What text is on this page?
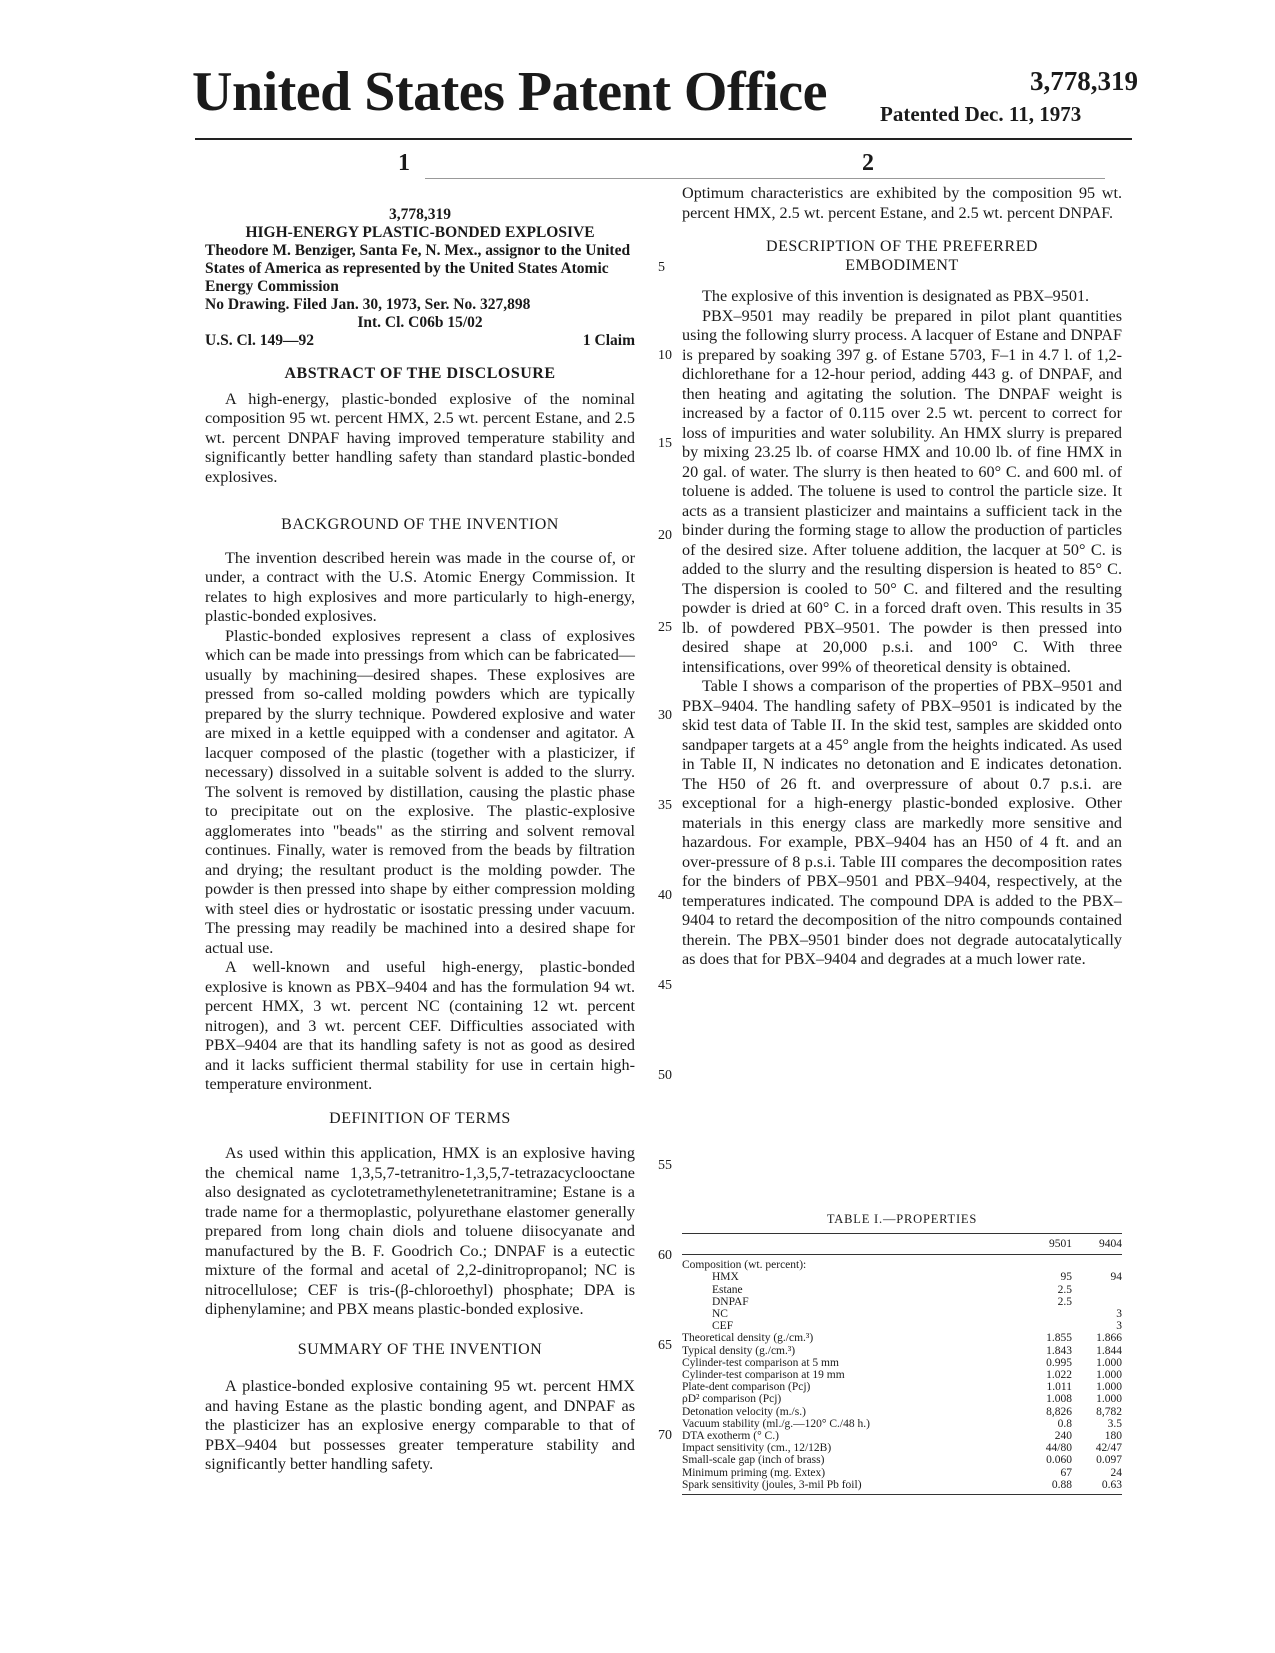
United States Patent Office	3,778,319
Patented Dec. 11, 1973
1	2
3,778,319
HIGH-ENERGY PLASTIC-BONDED EXPLOSIVE
Theodore M. Benziger, Santa Fe, N. Mex., assignor to the United States of America as represented by the United States Atomic Energy Commission
No Drawing. Filed Jan. 30, 1973, Ser. No. 327,898
Int. Cl. C06b 15/02
U.S. Cl. 149—92	1 Claim
ABSTRACT OF THE DISCLOSURE

A high-energy, plastic-bonded explosive of the nominal composition 95 wt. percent HMX, 2.5 wt. percent Estane, and 2.5 wt. percent DNPAF having improved temperature stability and significantly better handling safety than standard plastic-bonded explosives.

BACKGROUND OF THE INVENTION

The invention described herein was made in the course of, or under, a contract with the U.S. Atomic Energy Commission. It relates to high explosives and more particularly to high-energy, plastic-bonded explosives.

Plastic-bonded explosives represent a class of explosives which can be made into pressings from which can be fabricated—usually by machining—desired shapes. These explosives are pressed from so-called molding powders which are typically prepared by the slurry technique. Powdered explosive and water are mixed in a kettle equipped with a condenser and agitator. A lacquer composed of the plastic (together with a plasticizer, if necessary) dissolved in a suitable solvent is added to the slurry. The solvent is removed by distillation, causing the plastic phase to precipitate out on the explosive. The plastic-explosive agglomerates into "beads" as the stirring and solvent removal continues. Finally, water is removed from the beads by filtration and drying; the resultant product is the molding powder. The powder is then pressed into shape by either compression molding with steel dies or hydrostatic or isostatic pressing under vacuum. The pressing may readily be machined into a desired shape for actual use.

A well-known and useful high-energy, plastic-bonded explosive is known as PBX–9404 and has the formulation 94 wt. percent HMX, 3 wt. percent NC (containing 12 wt. percent nitrogen), and 3 wt. percent CEF. Difficulties associated with PBX–9404 are that its handling safety is not as good as desired and it lacks sufficient thermal stability for use in certain high-temperature environment.

DEFINITION OF TERMS

As used within this application, HMX is an explosive having the chemical name 1,3,5,7-tetranitro-1,3,5,7-tetrazacyclooctane also designated as cyclotetramethylenetetranitramine; Estane is a trade name for a thermoplastic, polyurethane elastomer generally prepared from long chain diols and toluene diisocyanate and manufactured by the B. F. Goodrich Co.; DNPAF is a eutectic mixture of the formal and acetal of 2,2-dinitropropanol; NC is nitrocellulose; CEF is tris-(β-chloroethyl) phosphate; DPA is diphenylamine; and PBX means plastic-bonded explosive.

SUMMARY OF THE INVENTION

A plastice-bonded explosive containing 95 wt. percent HMX and having Estane as the plastic bonding agent, and DNPAF as the plasticizer has an explosive energy comparable to that of PBX–9404 but possesses greater temperature stability and significantly better handling safety.

5
10
15
20
25
30
35
40
45
50
55
60
65
70

Optimum characteristics are exhibited by the composition 95 wt. percent HMX, 2.5 wt. percent Estane, and 2.5 wt. percent DNPAF.

DESCRIPTION OF THE PREFERRED EMBODIMENT

The explosive of this invention is designated as PBX–9501.

PBX–9501 may readily be prepared in pilot plant quantities using the following slurry process. A lacquer of Estane and DNPAF is prepared by soaking 397 g. of Estane 5703, F–1 in 4.7 l. of 1,2-dichlorethane for a 12-hour period, adding 443 g. of DNPAF, and then heating and agitating the solution. The DNPAF weight is increased by a factor of 0.115 over 2.5 wt. percent to correct for loss of impurities and water solubility. An HMX slurry is prepared by mixing 23.25 lb. of coarse HMX and 10.00 lb. of fine HMX in 20 gal. of water. The slurry is then heated to 60° C. and 600 ml. of toluene is added. The toluene is used to control the particle size. It acts as a transient plasticizer and maintains a sufficient tack in the binder during the forming stage to allow the production of particles of the desired size. After toluene addition, the lacquer at 50° C. is added to the slurry and the resulting dispersion is heated to 85° C. The dispersion is cooled to 50° C. and filtered and the resulting powder is dried at 60° C. in a forced draft oven. This results in 35 lb. of powdered PBX–9501. The powder is then pressed into desired shape at 20,000 p.s.i. and 100° C. With three intensifications, over 99% of theoretical density is obtained.

Table I shows a comparison of the properties of PBX–9501 and PBX–9404. The handling safety of PBX–9501 is indicated by the skid test data of Table II. In the skid test, samples are skidded onto sandpaper targets at a 45° angle from the heights indicated. As used in Table II, N indicates no detonation and E indicates detonation. The H50 of 26 ft. and overpressure of about 0.7 p.s.i. are exceptional for a high-energy plastic-bonded explosive. Other materials in this energy class are markedly more sensitive and hazardous. For example, PBX–9404 has an H50 of 4 ft. and an over-pressure of 8 p.s.i. Table III compares the decomposition rates for the binders of PBX–9501 and PBX–9404, respectively, at the temperatures indicated. The compound DPA is added to the PBX–9404 to retard the decomposition of the nitro compounds contained therein. The PBX–9501 binder does not degrade autocatalytically as does that for PBX–9404 and degrades at a much lower rate.

TABLE I.—PROPERTIES
	9501	9404

Composition (wt. percent):		
HMX	95	94
Estane	2.5	
DNPAF	2.5	
NC		3
CEF		3
Theoretical density (g./cm.³)	1.855	1.866
Typical density (g./cm.³)	1.843	1.844
Cylinder-test comparison at 5 mm	0.995	1.000
Cylinder-test comparison at 19 mm	1.022	1.000
Plate-dent comparison (Pcj)	1.011	1.000
ρD² comparison (Pcj)	1.008	1.000
Detonation velocity (m./s.)	8,826	8,782
Vacuum stability (ml./g.—120° C./48 h.)	0.8	3.5
DTA exotherm (° C.)	240	180
Impact sensitivity (cm., 12/12B)	44/80	42/47
Small-scale gap (inch of brass)	0.060	0.097
Minimum priming (mg. Extex)	67	24
Spark sensitivity (joules, 3-mil Pb foil)	0.88	0.63
